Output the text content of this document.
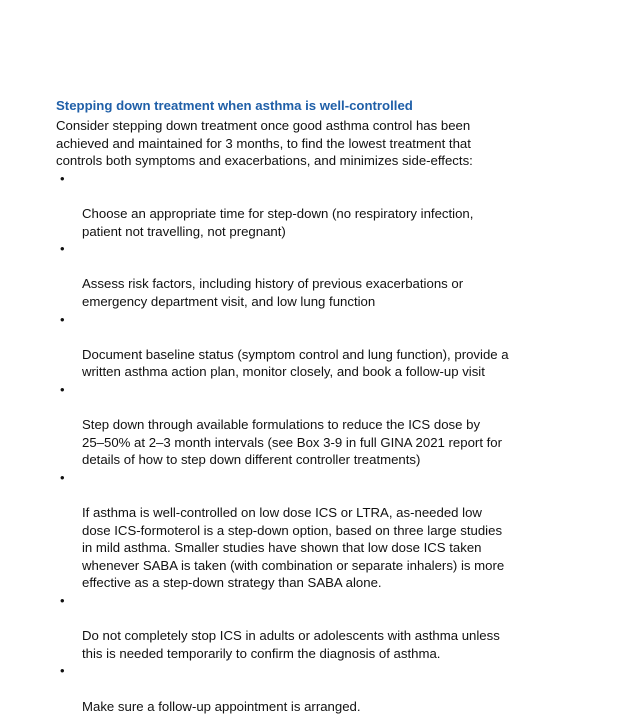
Stepping down treatment when asthma is well-controlled

Consider stepping down treatment once good asthma control has been
achieved and maintained for 3 months, to find the lowest treatment that
controls both symptoms and exacerbations, and minimizes side-effects:

•

Choose an appropriate time for step-down (no respiratory infection,
patient not travelling, not pregnant)

•

Assess risk factors, including history of previous exacerbations or
emergency department visit, and low lung function

•

Document baseline status (symptom control and lung function), provide a
written asthma action plan, monitor closely, and book a follow-up visit

•

Step down through available formulations to reduce the ICS dose by
25–50% at 2–3 month intervals (see Box 3-9 in full GINA 2021 report for
details of how to step down different controller treatments)

•

If asthma is well-controlled on low dose ICS or LTRA, as-needed low
dose ICS-formoterol is a step-down option, based on three large studies
in mild asthma. Smaller studies have shown that low dose ICS taken
whenever SABA is taken (with combination or separate inhalers) is more
effective as a step-down strategy than SABA alone.

•

Do not completely stop ICS in adults or adolescents with asthma unless
this is needed temporarily to confirm the diagnosis of asthma.

•

Make sure a follow-up appointment is arranged.
